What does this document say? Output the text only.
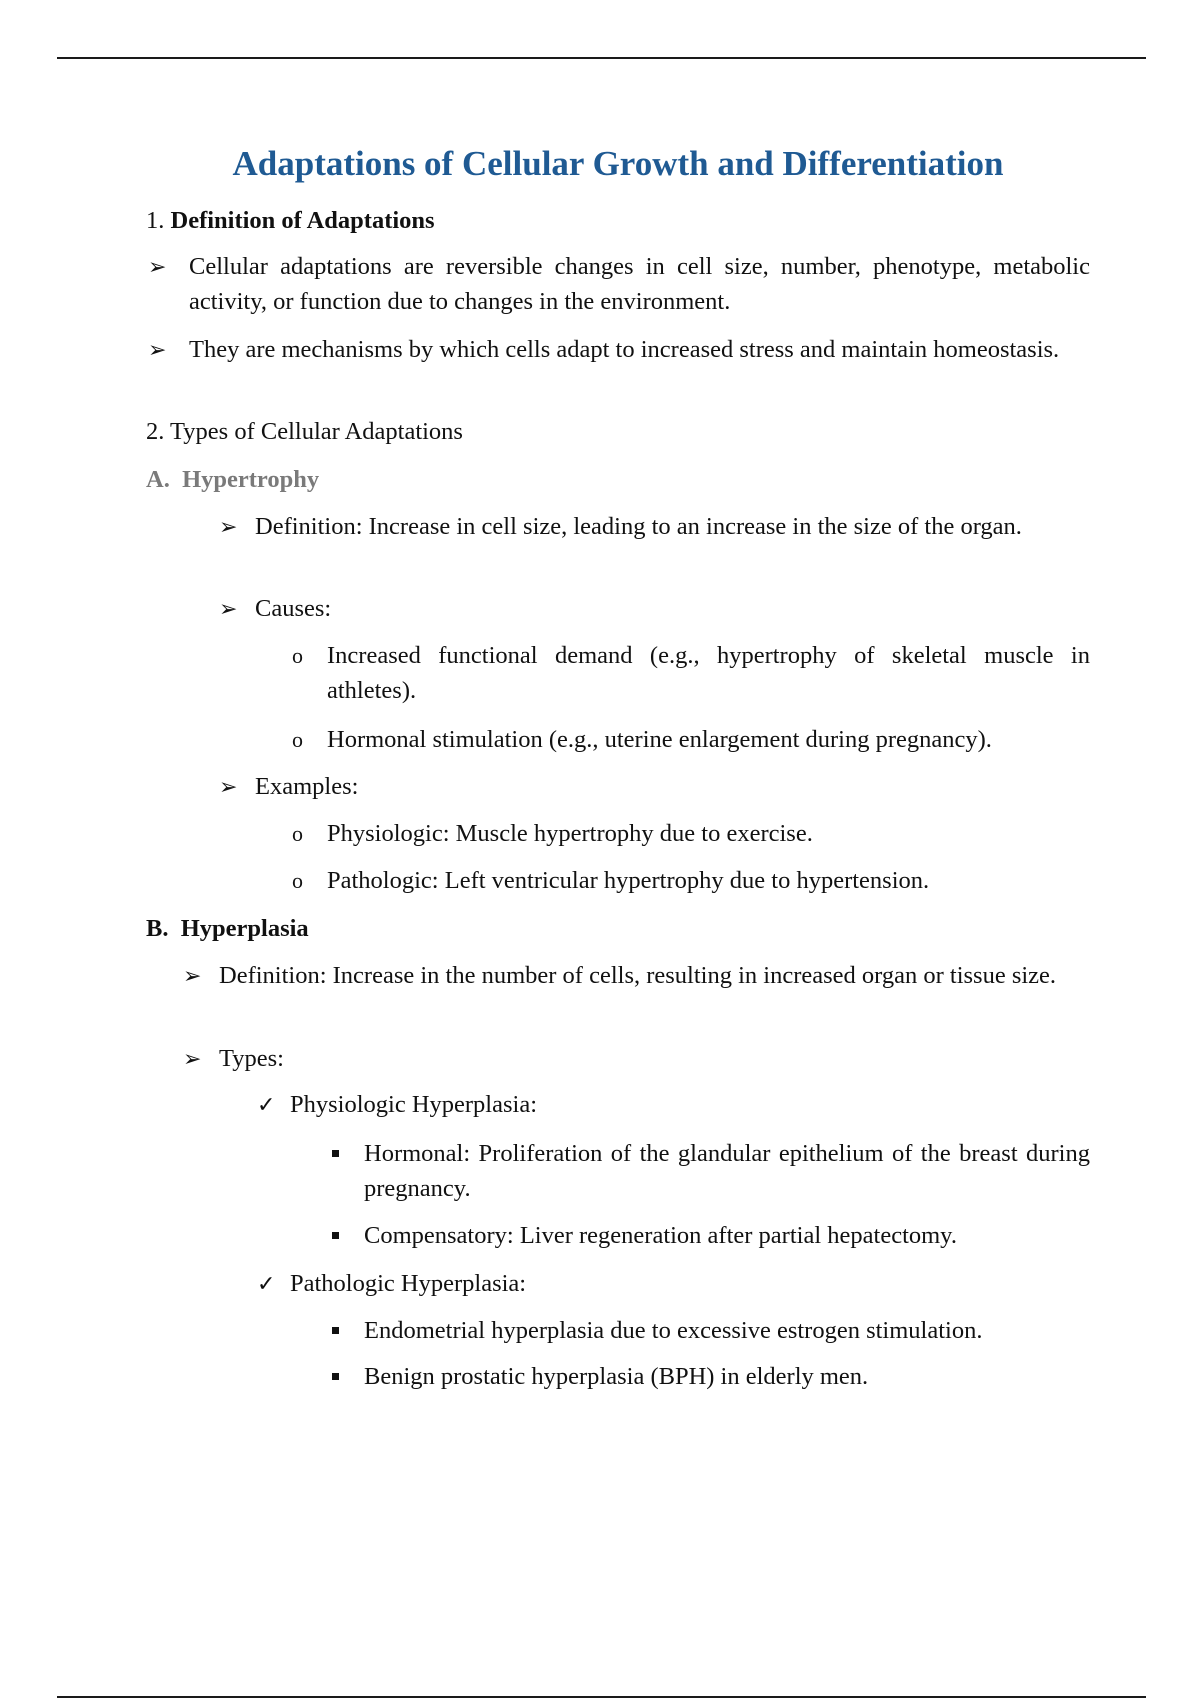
Adaptations of Cellular Growth and Differentiation
1. Definition of Adaptations
➢ Cellular adaptations are reversible changes in cell size, number, phenotype, metabolic activity, or function due to changes in the environment.
➢ They are mechanisms by which cells adapt to increased stress and maintain homeostasis.
2. Types of Cellular Adaptations
A. Hypertrophy
➢ Definition: Increase in cell size, leading to an increase in the size of the organ.
➢ Causes:
o Increased functional demand (e.g., hypertrophy of skeletal muscle in athletes).
o Hormonal stimulation (e.g., uterine enlargement during pregnancy).
➢ Examples:
o Physiologic: Muscle hypertrophy due to exercise.
o Pathologic: Left ventricular hypertrophy due to hypertension.
B. Hyperplasia
➢ Definition: Increase in the number of cells, resulting in increased organ or tissue size.
➢ Types:
✓ Physiologic Hyperplasia:
Hormonal: Proliferation of the glandular epithelium of the breast during pregnancy.
Compensatory: Liver regeneration after partial hepatectomy.
✓ Pathologic Hyperplasia:
Endometrial hyperplasia due to excessive estrogen stimulation.
Benign prostatic hyperplasia (BPH) in elderly men.
